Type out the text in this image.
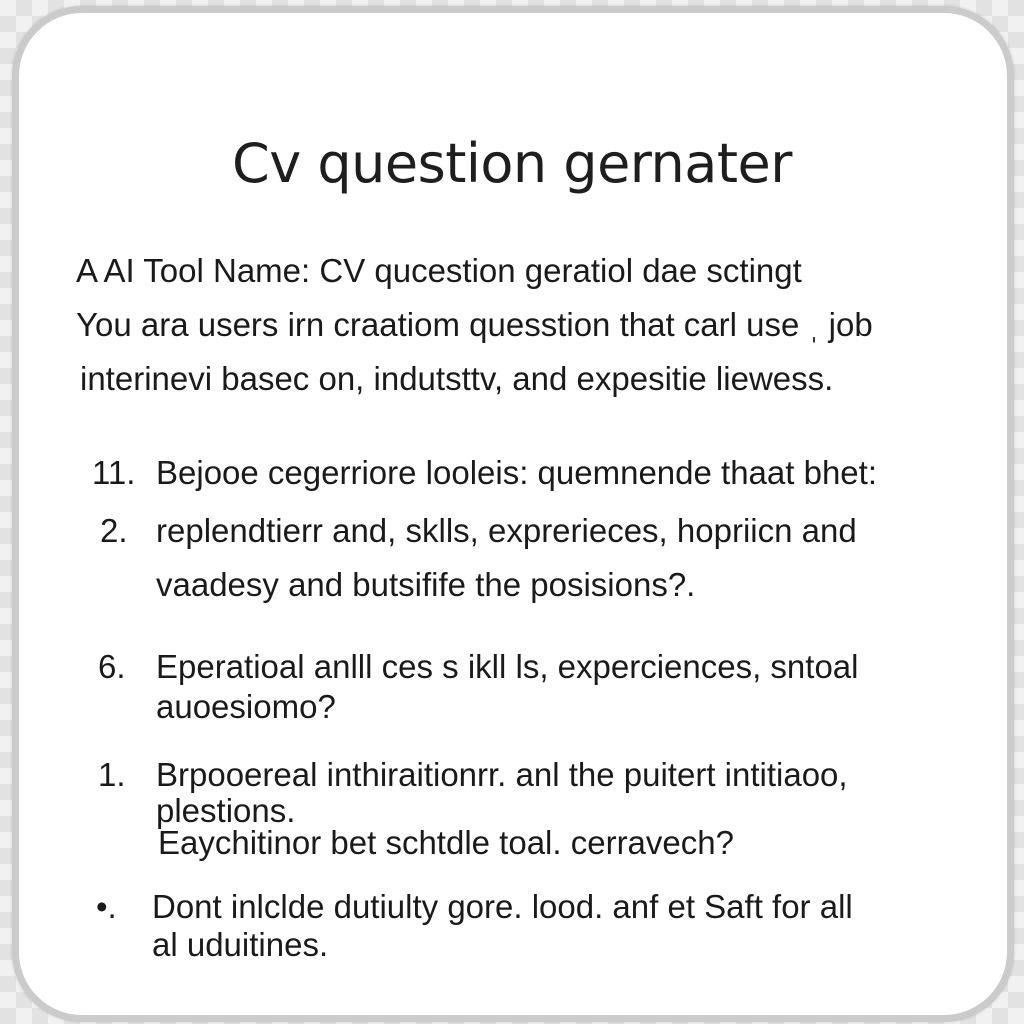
Cv question gernater
A AI Tool Name: CV qucestion geratiol dae sctingt
You ara users irn craatiom quesstion that carl use ˌ job
interinevi basec on, indutsttv, and expesitie liewess.
11. Bejooe cegerriore looleis: quemnende thaat bhet:
2. replendtierr and, sklls, exprerieces, hopriicn and
vaadesy and butsifife the posisions?.
6. Eperatioal anlll ces s ikll ls, experciences, sntoal
auoesiomo?
1. Brpooereal inthiraitionrr. anl the puitert intitiaoo,
plestions.
Eaychitinor bet schtdle toal. cerravech?
•. Dont inlclde dutiulty gore. lood. anf et Saft for all
al uduitines.
